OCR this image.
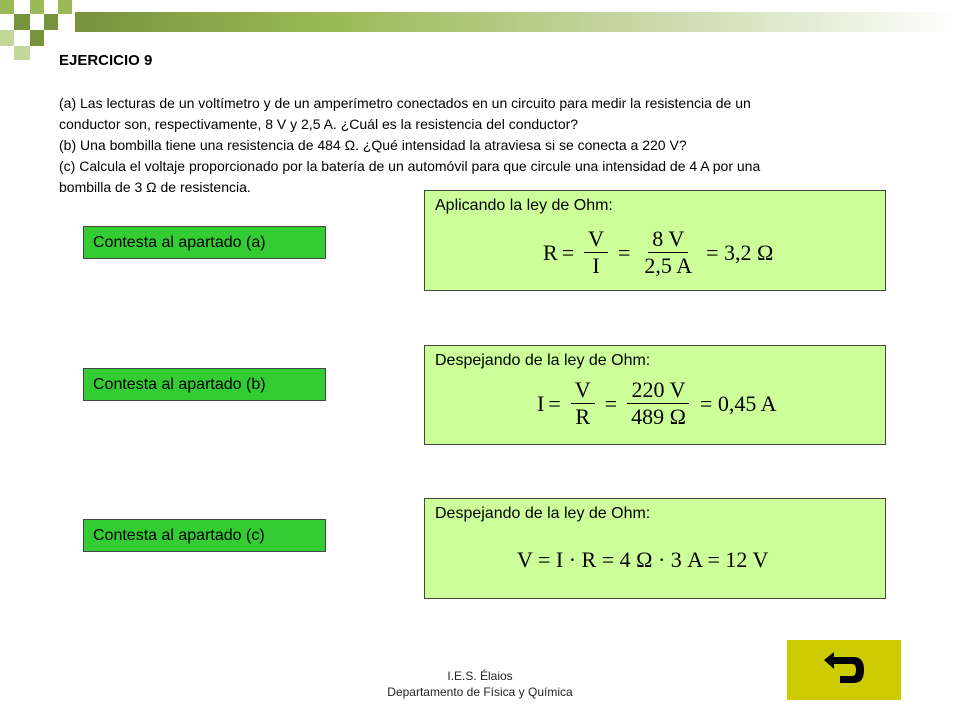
EJERCICIO 9

(a) Las lecturas de un voltímetro y de un amperímetro conectados en un circuito para medir la resistencia de un

conductor son, respectivamente, 8 V y 2,5 A. ¿Cuál es la resistencia del conductor?

(b) Una bombilla tiene una resistencia de 484 Ω. ¿Qué intensidad la atraviesa si se conecta a 220 V?

(c) Calcula el voltaje proporcionado por la batería de un automóvil para que circule una intensidad de 4 A por una

bombilla de 3 Ω de resistencia.

Contesta al apartado (a)
Contesta al apartado (b)
Contesta al apartado (c)
Aplicando la ley de Ohm:
$R = \frac{V}{I} = \frac{8 V}{2,5 A} = 3,2$ Ω
Despejando de la ley de Ohm:
$I = \frac{V}{R} = \frac{220 V}{489 \Omega} = 0,45$ A
Despejando de la ley de Ohm:
V = I · R = 4 Ω · 3 A = 12 V
I.E.S. Élaios
Departamento de Física y Química
